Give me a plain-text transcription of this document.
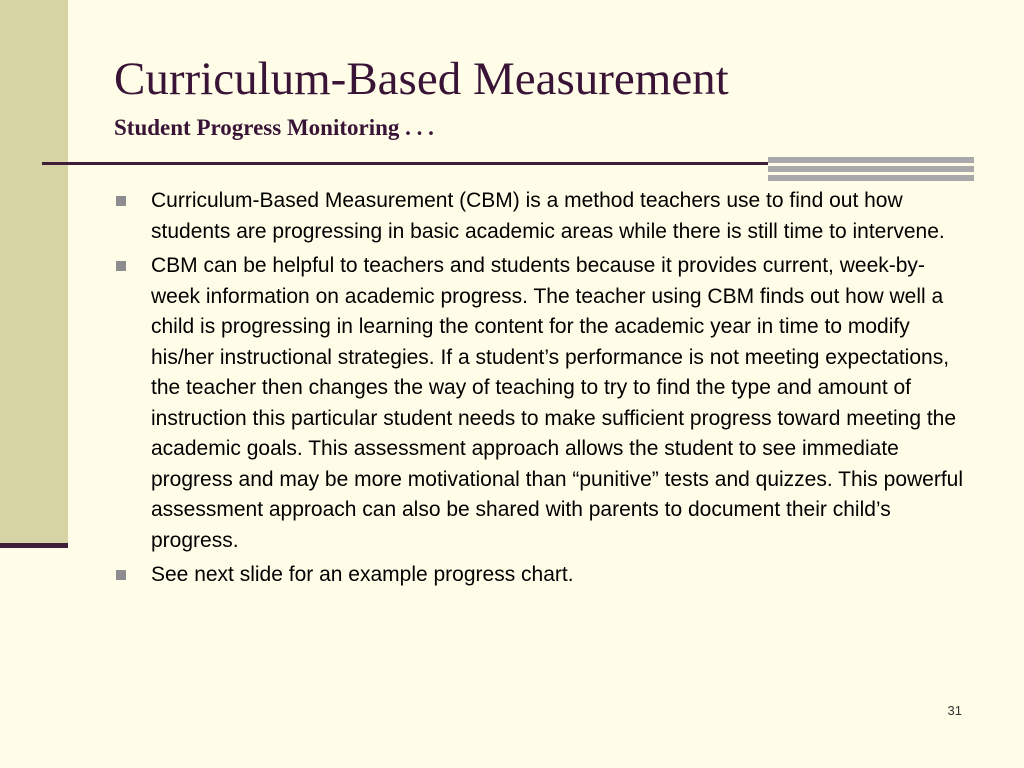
Curriculum-Based Measurement
Student Progress Monitoring . . .
Curriculum-Based Measurement (CBM) is a method teachers use to find out how students are progressing in basic academic areas while there is still time to intervene.
CBM can be helpful to teachers and students because it provides current, week-by-week information on academic progress. The teacher using CBM finds out how well a child is progressing in learning the content for the academic year in time to modify his/her instructional strategies. If a student’s performance is not meeting expectations, the teacher then changes the way of teaching to try to find the type and amount of instruction this particular student needs to make sufficient progress toward meeting the academic goals. This assessment approach allows the student to see immediate progress and may be more motivational than “punitive” tests and quizzes. This powerful assessment approach can also be shared with parents to document their child’s progress.
See next slide for an example progress chart.
31
